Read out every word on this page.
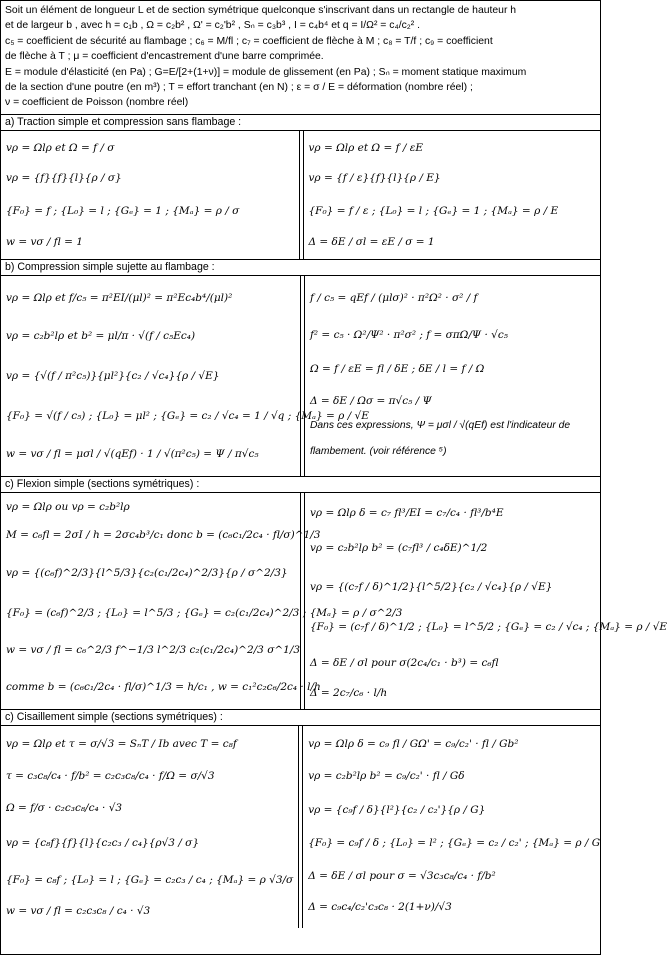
Soit un élément de longueur L et de section symétrique quelconque s'inscrivant dans un rectangle de hauteur h

et de largeur b , avec h = c₁b , Ω = c₂b² , Ω' = c₂'b² , Sₙ = c₃b³ , I = c₄b⁴ et q = I/Ω² = c₄/c₂² .

c₅ = coefficient de sécurité au flambage ; c₆ = M/fl ; c₇ = coefficient de flèche à M ; c₈ = T/f ; c₉ = coefficient

de flèche à T ; μ = coefficient d'encastrement d'une barre comprimée.

E = module d'élasticité (en Pa) ; G=E/[2+(1+ν)] = module de glissement (en Pa) ; Sₙ = moment statique maximum

de la section d'une poutre (en m³) ; T = effort tranchant (en N) ; ε = σ / E = déformation (nombre réel) ;

ν = coefficient de Poisson (nombre réel)

a) Traction simple et compression sans flambage :
vρ = Ωlρ et Ω = f / σ
vρ = {f}{f}{l}{ρ / σ}
{F₀} = f ; {L₀} = l ; {Gₑ} = 1 ; {Mₐ} = ρ / σ
w = vσ / fl = 1
vρ = Ωlρ et Ω = f / εE
vρ = {f / ε}{f}{l}{ρ / E}
{F₀} = f / ε ; {L₀} = l ; {Gₑ} = 1 ; {Mₐ} = ρ / E
Δ = δE / σl = εE / σ = 1
b) Compression simple sujette au flambage :
vρ = Ωlρ et f/c₅ = π²EI/(μl)² = π²Ec₄b⁴/(μl)²
vρ = c₂b²lρ et b² = μl/π · √(f / c₅Ec₄)
vρ = {√(f / π²c₅)}{μl²}{c₂ / √c₄}{ρ / √E}
{F₀} = √(f / c₅) ; {L₀} = μl² ; {Gₑ} = c₂ / √c₄ = 1 / √q ; {Mₐ} = ρ / √E
w = vσ / fl = μσl / √(qEf) · 1 / √(π²c₅) = Ψ / π√c₅
f / c₅ = qEf / (μlσ)² · π²Ω² · σ² / f
f² = c₅ · Ω²/Ψ² · π²σ² ; f = σπΩ/Ψ · √c₅
Ω = f / εE = fl / δE ; δE / l = f / Ω
Δ = δE / Ωσ = π√c₅ / Ψ
Dans ces expressions, Ψ = μσl / √(qEf) est l'indicateur de
flambement. (voir référence ⁵)
c) Flexion simple (sections symétriques) :
vρ = Ωlρ ou vρ = c₂b²lρ
M = c₆fl = 2σI / h = 2σc₄b³/c₁ donc b = (c₆c₁/2c₄ · fl/σ)^1/3
vρ = {(c₆f)^2/3}{l^5/3}{c₂(c₁/2c₄)^2/3}{ρ / σ^2/3}
{F₀} = (c₆f)^2/3 ; {L₀} = l^5/3 ; {Gₑ} = c₂(c₁/2c₄)^2/3 ; {Mₐ} = ρ / σ^2/3
w = vσ / fl = c₆^2/3 f^−1/3 l^2/3 c₂(c₁/2c₄)^2/3 σ^1/3
comme b = (c₆c₁/2c₄ · fl/σ)^1/3 = h/c₁ , w = c₁²c₂c₆/2c₄ · l/h
vρ = Ωlρ δ = c₇ fl³/EI = c₇/c₄ · fl³/b⁴E
vρ = c₂b²lρ b² = (c₇fl³ / c₄δE)^1/2
vρ = {(c₇f / δ)^1/2}{l^5/2}{c₂ / √c₄}{ρ / √E}
{F₀} = (c₇f / δ)^1/2 ; {L₀} = l^5/2 ; {Gₑ} = c₂ / √c₄ ; {Mₐ} = ρ / √E
Δ = δE / σl pour σ(2c₄/c₁ · b³) = c₆fl
Δ = 2c₇/c₆ · l/h
c) Cisaillement simple (sections symétriques) :
vρ = Ωlρ et τ = σ/√3 = SₙT / Ib avec T = c₈f
τ = c₃c₈/c₄ · f/b² = c₂c₃c₈/c₄ · f/Ω = σ/√3
Ω = f/σ · c₂c₃c₈/c₄ · √3
vρ = {c₈f}{f}{l}{c₂c₃ / c₄}{ρ√3 / σ}
{F₀} = c₈f ; {L₀} = l ; {Gₑ} = c₂c₃ / c₄ ; {Mₐ} = ρ √3/σ
w = vσ / fl = c₂c₃c₈ / c₄ · √3
vρ = Ωlρ δ = c₉ fl / GΩ' = c₉/c₂' · fl / Gb²
vρ = c₂b²lρ b² = c₉/c₂' · fl / Gδ
vρ = {c₉f / δ}{l²}{c₂ / c₂'}{ρ / G}
{F₀} = c₉f / δ ; {L₀} = l² ; {Gₑ} = c₂ / c₂' ; {Mₐ} = ρ / G
Δ = δE / σl pour σ = √3c₃c₈/c₄ · f/b²
Δ = c₉c₄/c₂'c₃c₈ · 2(1+ν)/√3
